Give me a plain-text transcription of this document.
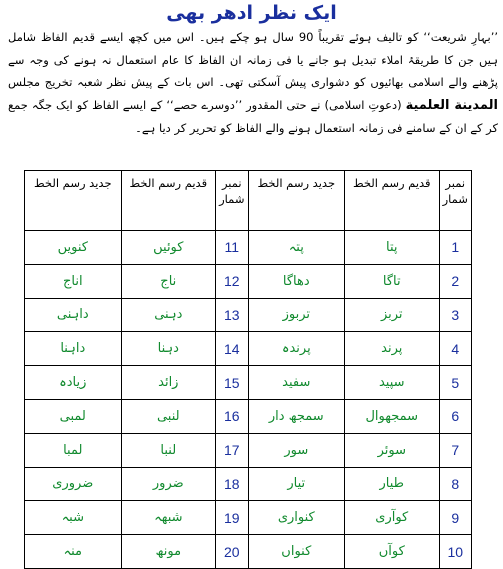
ایک نظر ادھر بھی

’’بہارِ شریعت‘‘ کو تالیف ہوئے تقریباً 90 سال ہو چکے ہیں۔ اس میں کچھ ایسے قدیم الفاظ شامل ہیں جن کا طریقۂ املاء تبدیل ہو جانے یا فی زمانہ ان الفاظ کا عام استعمال نہ ہونے کی وجہ سے پڑھنے والے اسلامی بھائیوں کو دشواری پیش آسکتی تھی۔ اس بات کے پیش نظر شعبہ تخریج مجلس المدينة العلمية (دعوتِ اسلامی) نے حتی المقدور ’’دوسرے حصے‘‘ کے ایسے الفاظ کو ایک جگہ جمع کر کے ان کے سامنے فی زمانہ استعمال ہونے والے الفاظ کو تحریر کر دیا ہے۔

نمبر شمار	قدیم رسم الخط	جدید رسم الخط	نمبر شمار	قدیم رسم الخط	جدید رسم الخط
1	پتا	پتہ	11	کوئیں	کنویں
2	تاگا	دھاگا	12	ناج	اناج
3	تربز	تربوز	13	دہنی	داہنی
4	پرند	پرندہ	14	دہنا	داہنا
5	سپید	سفید	15	زائد	زیادہ
6	سمجھوال	سمجھ دار	16	لنبی	لمبی
7	سوئر	سور	17	لنبا	لمبا
8	طیار	تیار	18	ضرور	ضروری
9	کوآری	کنواری	19	شبھہ	شبہ
10	کوآں	کنواں	20	مونھ	منہ
